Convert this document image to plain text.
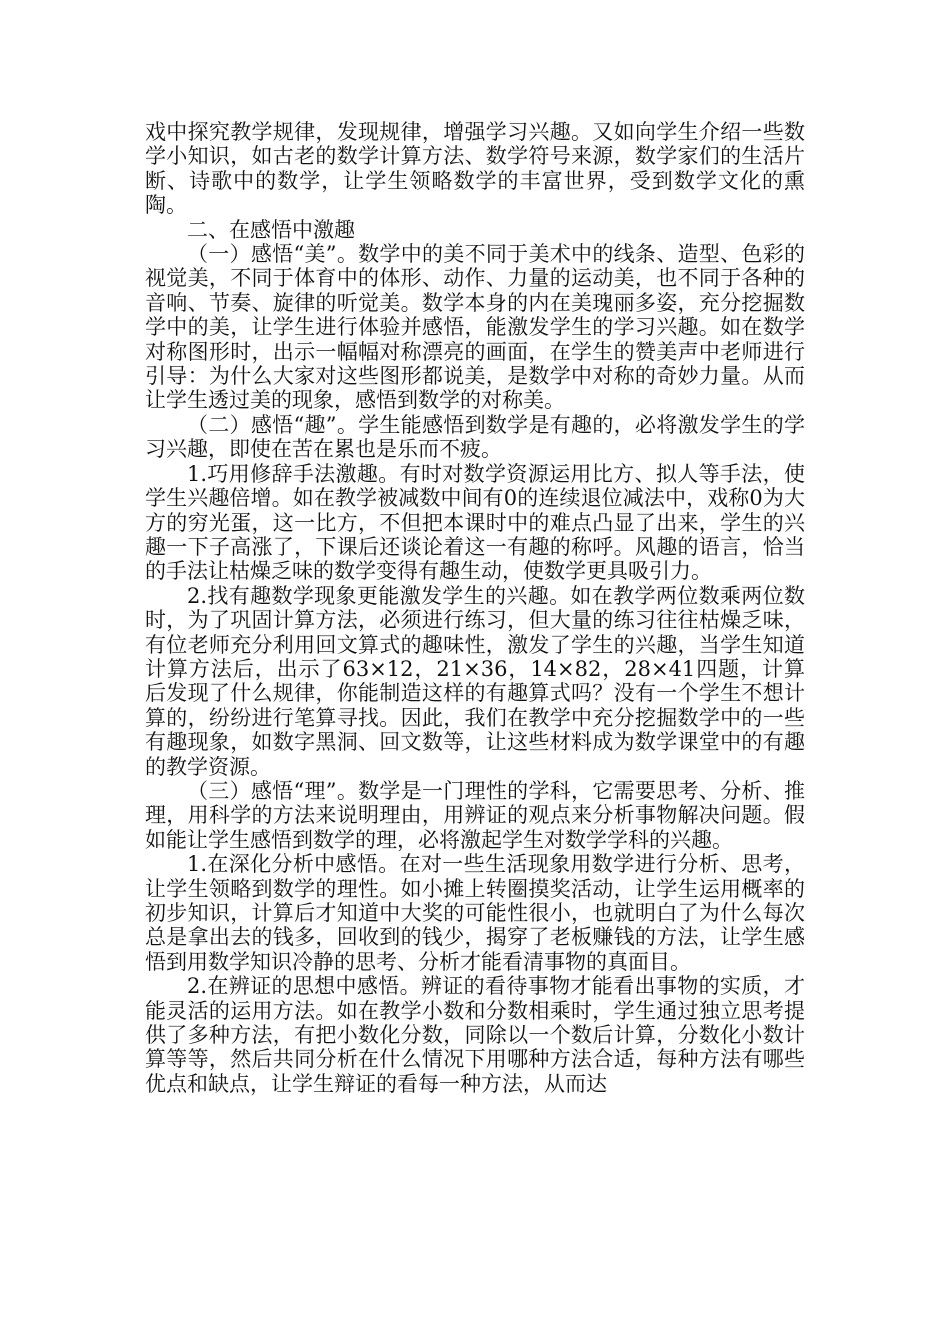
戏中探究教学规律，发现规律，增强学习兴趣。又如向学生介绍一些数学小知识，如古老的数学计算方法、数学符号来源，数学家们的生活片断、诗歌中的数学，让学生领略数学的丰富世界，受到数学文化的熏陶。

二、在感悟中激趣

（一）感悟“美”。数学中的美不同于美术中的线条、造型、色彩的视觉美，不同于体育中的体形、动作、力量的运动美，也不同于各种的音响、节奏、旋律的听觉美。数学本身的内在美瑰丽多姿，充分挖掘数学中的美，让学生进行体验并感悟，能激发学生的学习兴趣。如在数学对称图形时，出示一幅幅对称漂亮的画面，在学生的赞美声中老师进行引导：为什么大家对这些图形都说美，是数学中对称的奇妙力量。从而让学生透过美的现象，感悟到数学的对称美。

（二）感悟“趣”。学生能感悟到数学是有趣的，必将激发学生的学习兴趣，即使在苦在累也是乐而不疲。

1.巧用修辞手法激趣。有时对数学资源运用比方、拟人等手法，使学生兴趣倍增。如在教学被减数中间有0的连续退位减法中，戏称0为大方的穷光蛋，这一比方，不但把本课时中的难点凸显了出来，学生的兴趣一下子高涨了，下课后还谈论着这一有趣的称呼。风趣的语言，恰当的手法让枯燥乏味的数学变得有趣生动，使数学更具吸引力。

2.找有趣数学现象更能激发学生的兴趣。如在教学两位数乘两位数时，为了巩固计算方法，必须进行练习，但大量的练习往往枯燥乏味，有位老师充分利用回文算式的趣味性，激发了学生的兴趣，当学生知道计算方法后，出示了63×12，21×36，14×82，28×41四题，计算后发现了什么规律，你能制造这样的有趣算式吗？没有一个学生不想计算的，纷纷进行笔算寻找。因此，我们在教学中充分挖掘数学中的一些有趣现象，如数字黑洞、回文数等，让这些材料成为数学课堂中的有趣的教学资源。

（三）感悟“理”。数学是一门理性的学科，它需要思考、分析、推理，用科学的方法来说明理由，用辨证的观点来分析事物解决问题。假如能让学生感悟到数学的理，必将激起学生对数学学科的兴趣。

1.在深化分析中感悟。在对一些生活现象用数学进行分析、思考，让学生领略到数学的理性。如小摊上转圈摸奖活动，让学生运用概率的初步知识，计算后才知道中大奖的可能性很小，也就明白了为什么每次总是拿出去的钱多，回收到的钱少，揭穿了老板赚钱的方法，让学生感悟到用数学知识冷静的思考、分析才能看清事物的真面目。

2.在辨证的思想中感悟。辨证的看待事物才能看出事物的实质，才能灵活的运用方法。如在教学小数和分数相乘时，学生通过独立思考提供了多种方法，有把小数化分数，同除以一个数后计算，分数化小数计算等等，然后共同分析在什么情况下用哪种方法合适，每种方法有哪些优点和缺点，让学生辩证的看每一种方法，从而达
